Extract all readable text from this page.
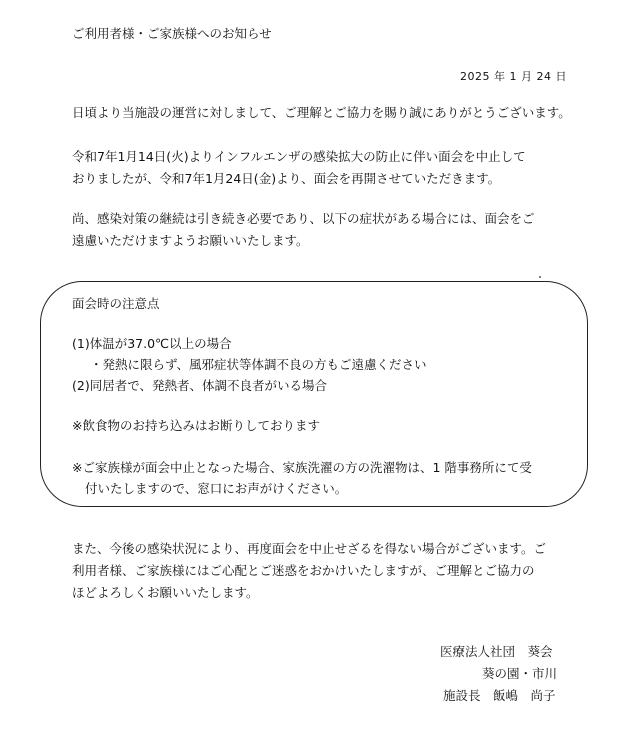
ご利用者様・ご家族様へのお知らせ
2025 年 1 月 24 日
日頃より当施設の運営に対しまして、ご理解とご協力を賜り誠にありがとうございます。
令和7年1月14日(火)よりインフルエンザの感染拡大の防止に伴い面会を中止して
おりましたが、令和7年1月24日(金)より、面会を再開させていただきます。
尚、感染対策の継続は引き続き必要であり、以下の症状がある場合には、面会をご
遠慮いただけますようお願いいたします。
面会時の注意点
(1)体温が37.0℃以上の場合
・発熱に限らず、風邪症状等体調不良の方もご遠慮ください
(2)同居者で、発熱者、体調不良者がいる場合
※飲食物のお持ち込みはお断りしております
※ご家族様が面会中止となった場合、家族洗濯の方の洗濯物は、1 階事務所にて受
付いたしますので、窓口にお声がけください。
また、今後の感染状況により、再度面会を中止せざるを得ない場合がございます。ご
利用者様、ご家族様にはご心配とご迷惑をおかけいたしますが、ご理解とご協力の
ほどよろしくお願いいたします。
医療法人社団　葵会
葵の園・市川
施設長　飯嶋　尚子
